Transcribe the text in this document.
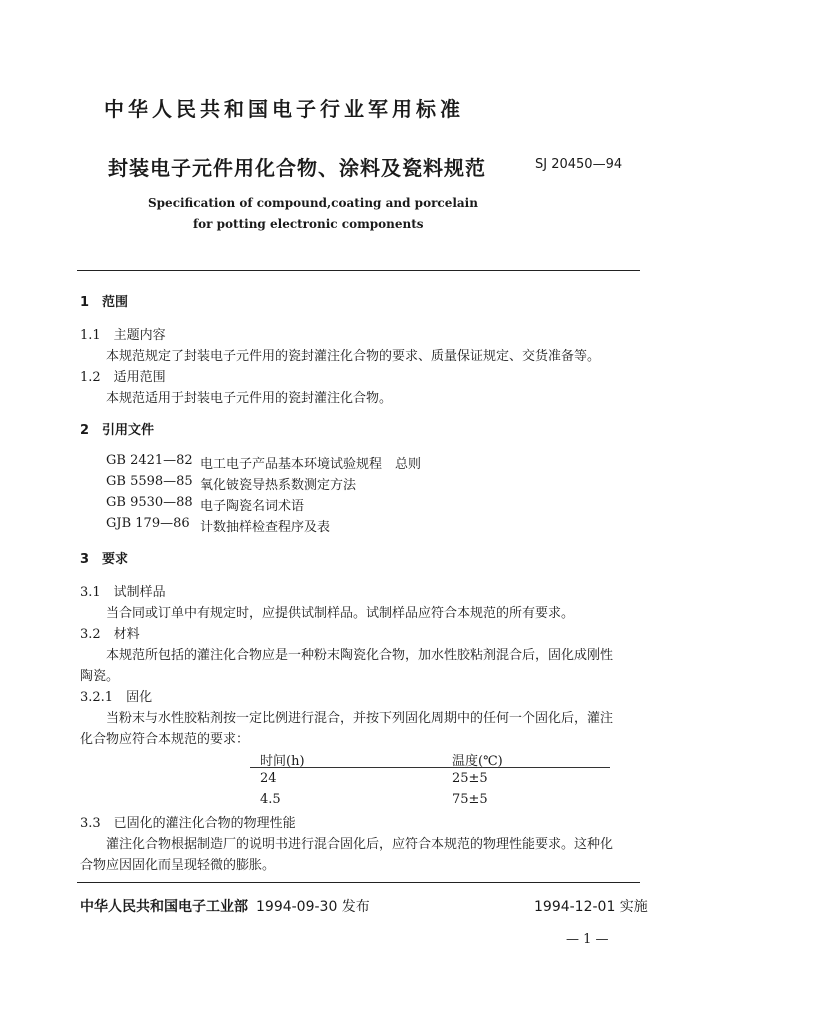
中华人民共和国电子行业军用标准
封装电子元件用化合物、涂料及瓷料规范	SJ 20450—94
Specification of compound,coating and porcelain
for potting electronic components
1　范围
1.1　主题内容
本规范规定了封装电子元件用的瓷封灌注化合物的要求、质量保证规定、交货准备等。
1.2　适用范围
本规范适用于封装电子元件用的瓷封灌注化合物。
2　引用文件
GB 2421—82 电工电子产品基本环境试验规程　总则
GB 5598—85 氧化铍瓷导热系数测定方法
GB 9530—88 电子陶瓷名词术语
GJB 179—86 计数抽样检查程序及表
3　要求
3.1　试制样品
当合同或订单中有规定时，应提供试制样品。试制样品应符合本规范的所有要求。
3.2　材料
本规范所包括的灌注化合物应是一种粉末陶瓷化合物，加水性胶粘剂混合后，固化成刚性
陶瓷。
3.2.1　固化
当粉末与水性胶粘剂按一定比例进行混合，并按下列固化周期中的任何一个固化后，灌注
化合物应符合本规范的要求：
时间(h)	温度(℃)
24	25±5
4.5	75±5
3.3　已固化的灌注化合物的物理性能
灌注化合物根据制造厂的说明书进行混合固化后，应符合本规范的物理性能要求。这种化
合物应因固化而呈现轻微的膨胀。
中华人民共和国电子工业部 1994-09-30 发布	1994-12-01 实施
— 1 —
